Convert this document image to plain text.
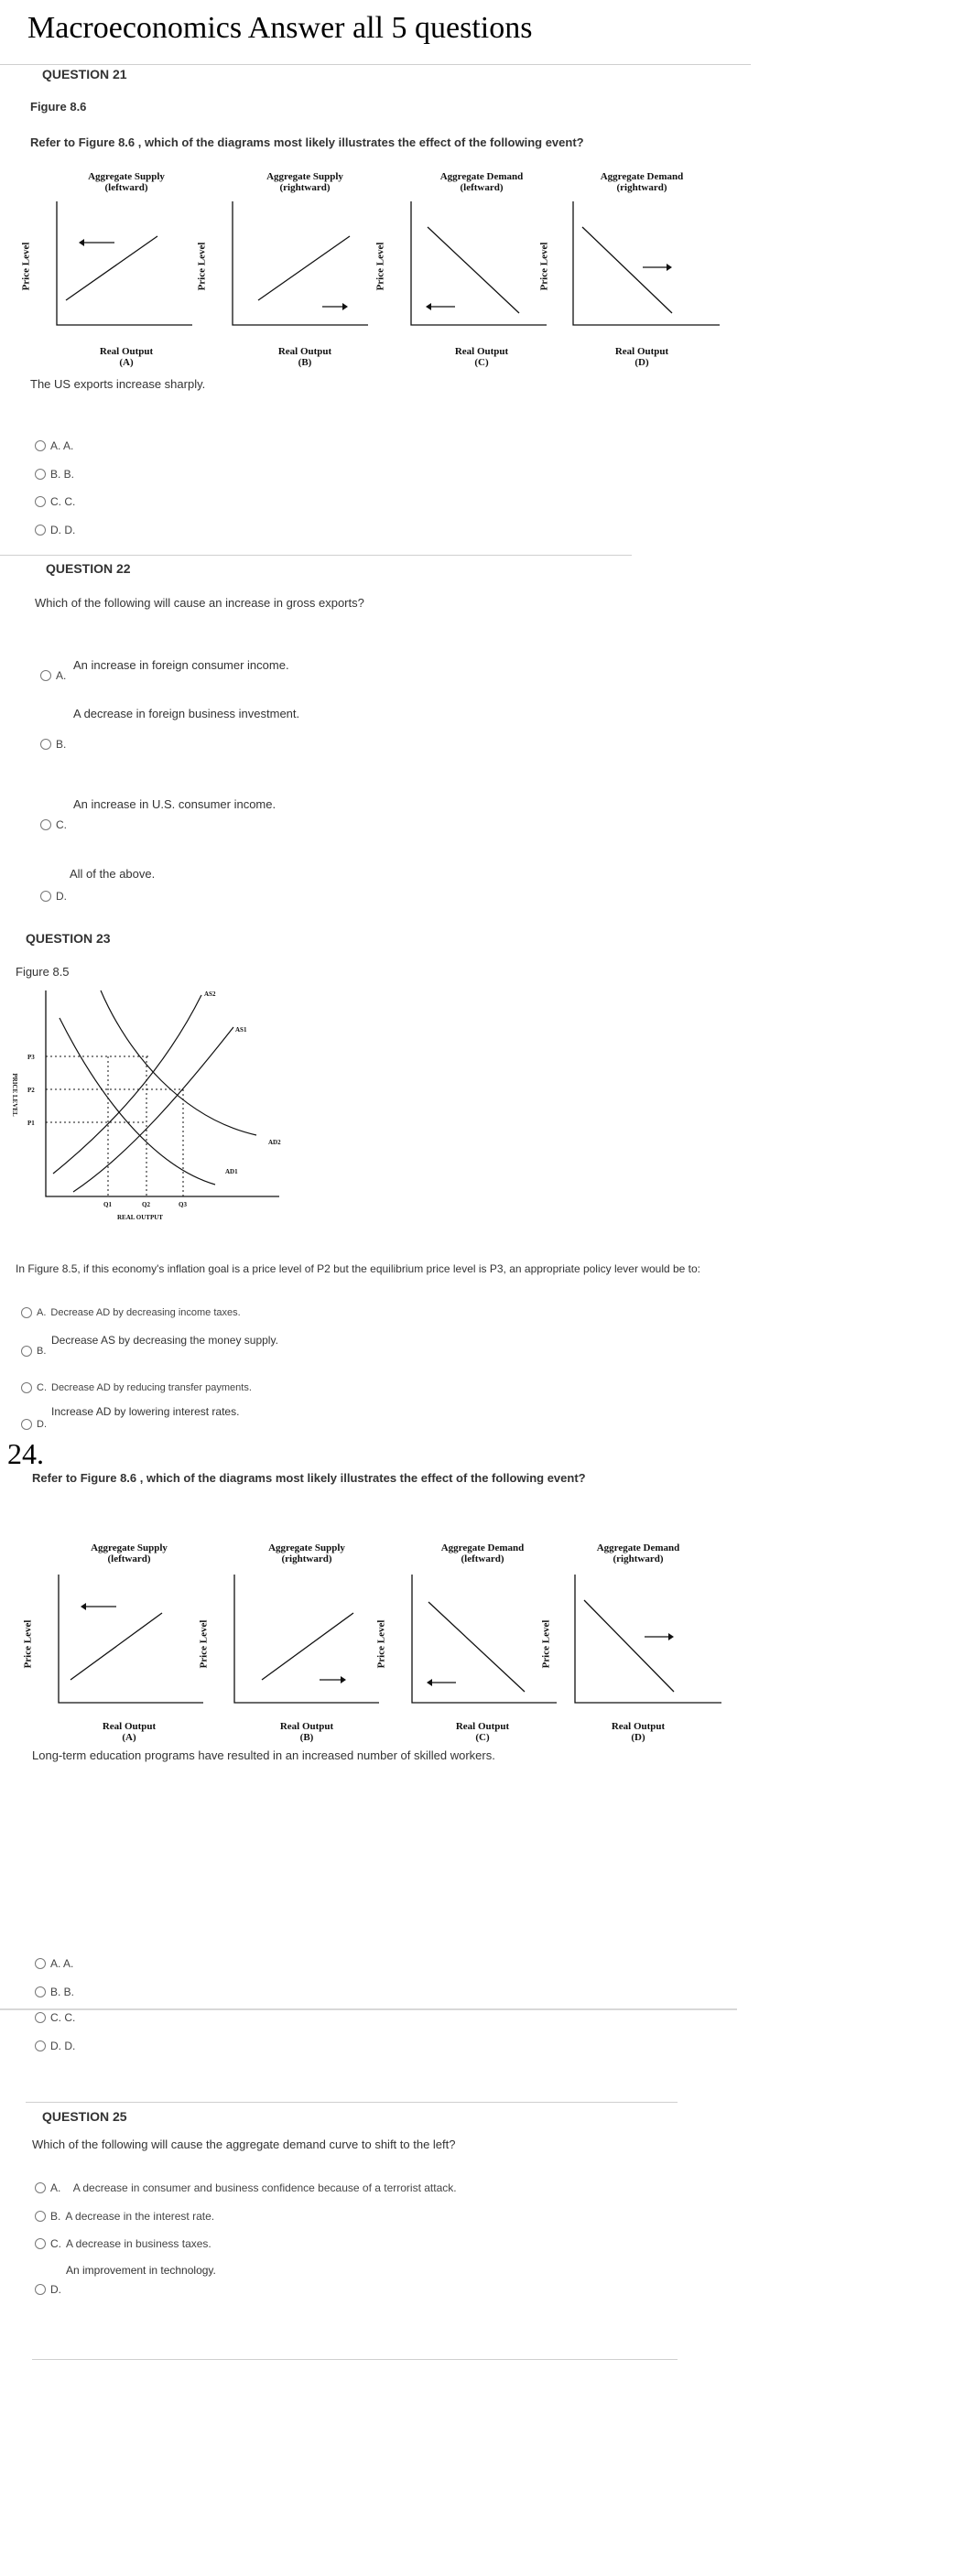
Macroeconomics Answer all 5 questions
QUESTION 21
Figure 8.6
Refer to Figure 8.6 , which of the diagrams most likely illustrates the effect of the following event?
Aggregate Supply
(leftward)
Price Level
Real Output
(A)
Aggregate Supply
(rightward)
Price Level
Real Output
(B)
Aggregate Demand
(leftward)
Price Level
Real Output
(C)
Aggregate Demand
(rightward)
Price Level
Real Output
(D)
The US exports increase sharply.
A. A.
B. B.
C. C.
D. D.
QUESTION 22
Which of the following will cause an increase in gross exports?
An increase in foreign consumer income.
A.
A decrease in foreign business investment.
B.
An increase in U.S. consumer income.
C.
All of the above.
D.
QUESTION 23
Figure 8.5
PRICE LEVEL
P3
P2
P1
Q1	Q2	Q3
REAL OUTPUT
AS2
AS1
AD2
AD1
In Figure 8.5, if this economy's inflation goal is a price level of P2 but the equilibrium price level is P3, an appropriate policy lever would be to:
A. Decrease AD by decreasing income taxes.
Decrease AS by decreasing the money supply.
B.
C. Decrease AD by reducing transfer payments.
Increase AD by lowering interest rates.
D.
24.
Refer to Figure 8.6 , which of the diagrams most likely illustrates the effect of the following event?
Aggregate Supply
(leftward)
Price Level
Real Output
(A)
Aggregate Supply
(rightward)
Price Level
Real Output
(B)
Aggregate Demand
(leftward)
Price Level
Real Output
(C)
Aggregate Demand
(rightward)
Price Level
Real Output
(D)
Long-term education programs have resulted in an increased number of skilled workers.
A. A.
B. B.
C. C.
D. D.
QUESTION 25
Which of the following will cause the aggregate demand curve to shift to the left?
A.
A decrease in consumer and business confidence because of a terrorist attack.
B. A decrease in the interest rate.
C. A decrease in business taxes.
An improvement in technology.
D.
